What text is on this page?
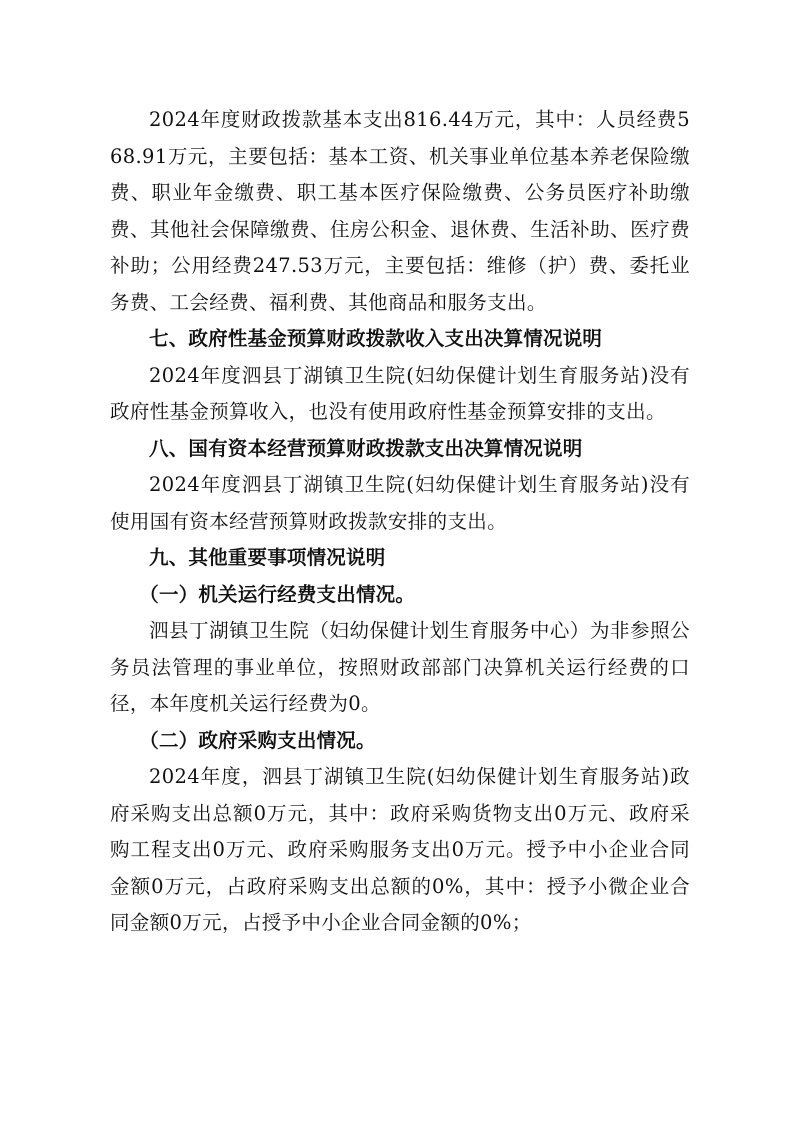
2024年度财政拨款基本支出816.44万元，其中：人员经费568.91万元，主要包括：基本工资、机关事业单位基本养老保险缴费、职业年金缴费、职工基本医疗保险缴费、公务员医疗补助缴费、其他社会保障缴费、住房公积金、退休费、生活补助、医疗费补助；公用经费247.53万元，主要包括：维修（护）费、委托业务费、工会经费、福利费、其他商品和服务支出。

七、政府性基金预算财政拨款收入支出决算情况说明

2024年度泗县丁湖镇卫生院(妇幼保健计划生育服务站)没有政府性基金预算收入，也没有使用政府性基金预算安排的支出。

八、国有资本经营预算财政拨款支出决算情况说明

2024年度泗县丁湖镇卫生院(妇幼保健计划生育服务站)没有使用国有资本经营预算财政拨款安排的支出。

九、其他重要事项情况说明

（一）机关运行经费支出情况。

泗县丁湖镇卫生院（妇幼保健计划生育服务中心）为非参照公务员法管理的事业单位，按照财政部部门决算机关运行经费的口径，本年度机关运行经费为0。

（二）政府采购支出情况。

2024年度，泗县丁湖镇卫生院(妇幼保健计划生育服务站)政府采购支出总额0万元，其中：政府采购货物支出0万元、政府采购工程支出0万元、政府采购服务支出0万元。授予中小企业合同金额0万元，占政府采购支出总额的0%，其中：授予小微企业合同金额0万元，占授予中小企业合同金额的0%；
